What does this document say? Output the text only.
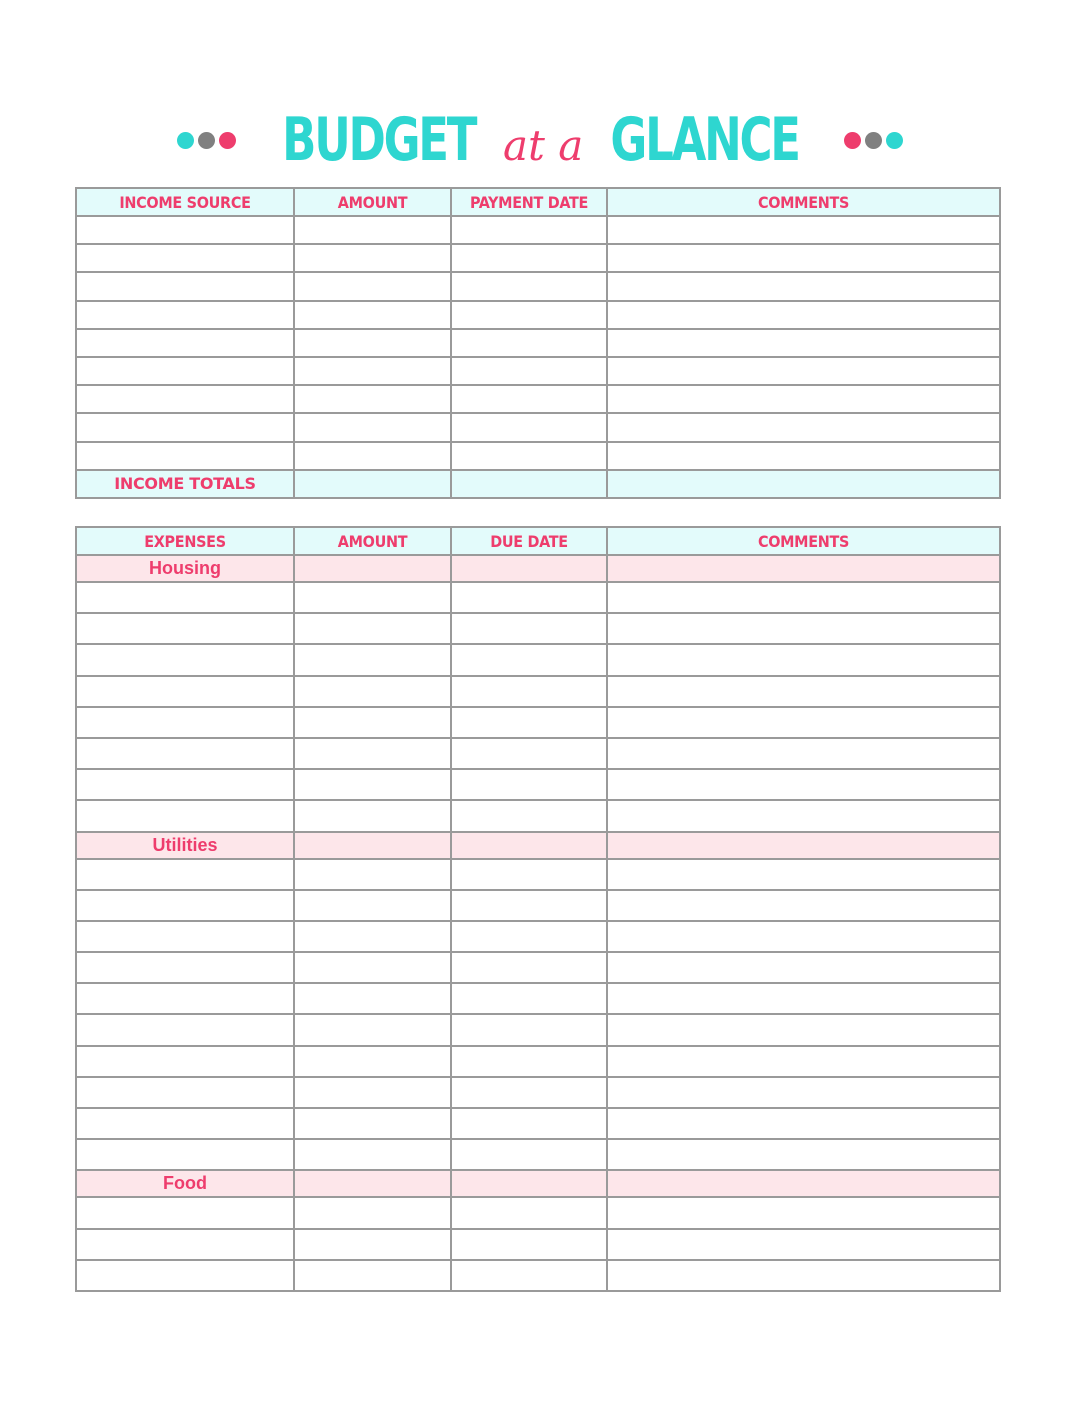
BUDGET at a GLANCE
INCOME SOURCE	AMOUNT	PAYMENT DATE	COMMENTS

INCOME TOTALS			
EXPENSES	AMOUNT	DUE DATE	COMMENTS
Housing			

Utilities			

Food			
